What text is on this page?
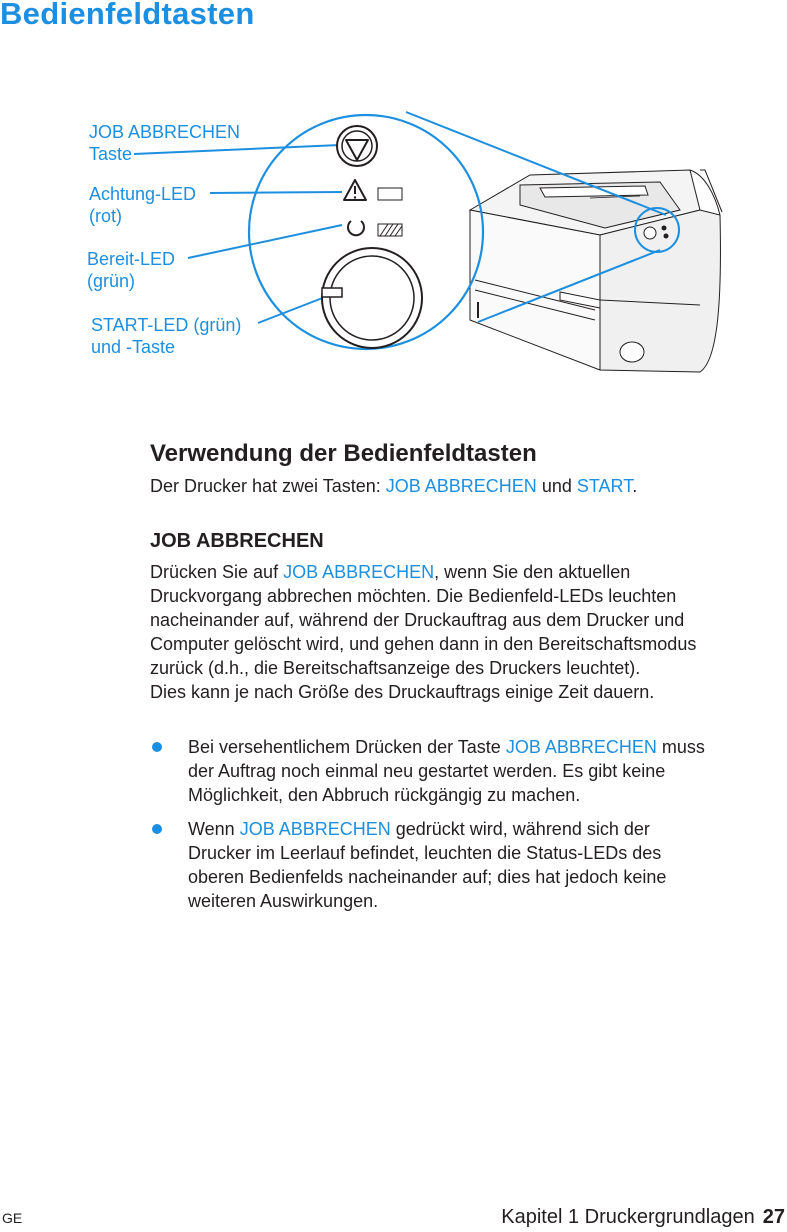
Bedienfeldtasten
JOB ABBRECHEN
Taste
Achtung-LED
(rot)
Bereit-LED
(grün)
START-LED (grün)
und -Taste
Verwendung der Bedienfeldtasten

Der Drucker hat zwei Tasten: JOB ABBRECHEN und START.

JOB ABBRECHEN

Drücken Sie auf JOB ABBRECHEN, wenn Sie den aktuellen
Druckvorgang abbrechen möchten. Die Bedienfeld-LEDs leuchten
nacheinander auf, während der Druckauftrag aus dem Drucker und
Computer gelöscht wird, und gehen dann in den Bereitschaftsmodus
zurück (d.h., die Bereitschaftsanzeige des Druckers leuchtet).
Dies kann je nach Größe des Druckauftrags einige Zeit dauern.

Bei versehentlichem Drücken der Taste JOB ABBRECHEN muss
der Auftrag noch einmal neu gestartet werden. Es gibt keine
Möglichkeit, den Abbruch rückgängig zu machen.

Wenn JOB ABBRECHEN gedrückt wird, während sich der
Drucker im Leerlauf befindet, leuchten die Status-LEDs des
oberen Bedienfelds nacheinander auf; dies hat jedoch keine
weiteren Auswirkungen.

GE	Kapitel 1 Druckergrundlagen 27
